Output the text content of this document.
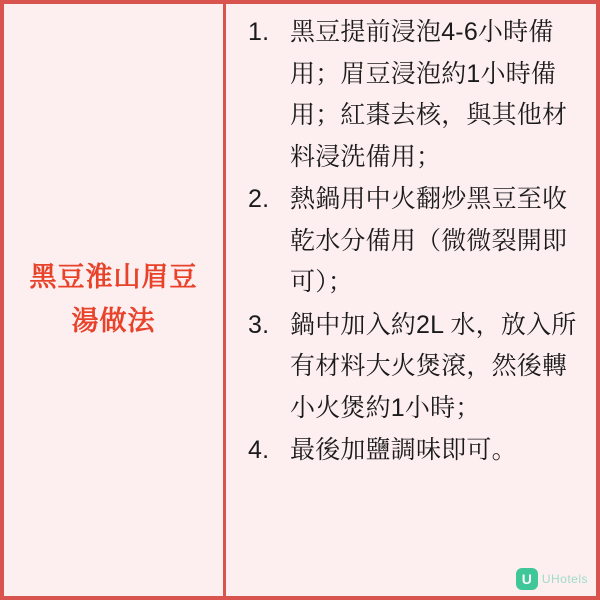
黑豆淮山眉豆湯做法
黑豆提前浸泡4-6小時備用；眉豆浸泡約1小時備用；紅棗去核，與其他材料浸洗備用；
熱鍋用中火翻炒黑豆至收乾水分備用（微微裂開即可）；
鍋中加入約2L 水，放入所有材料大火煲滾，然後轉小火煲約1小時；
最後加鹽調味即可。
U UHotels
